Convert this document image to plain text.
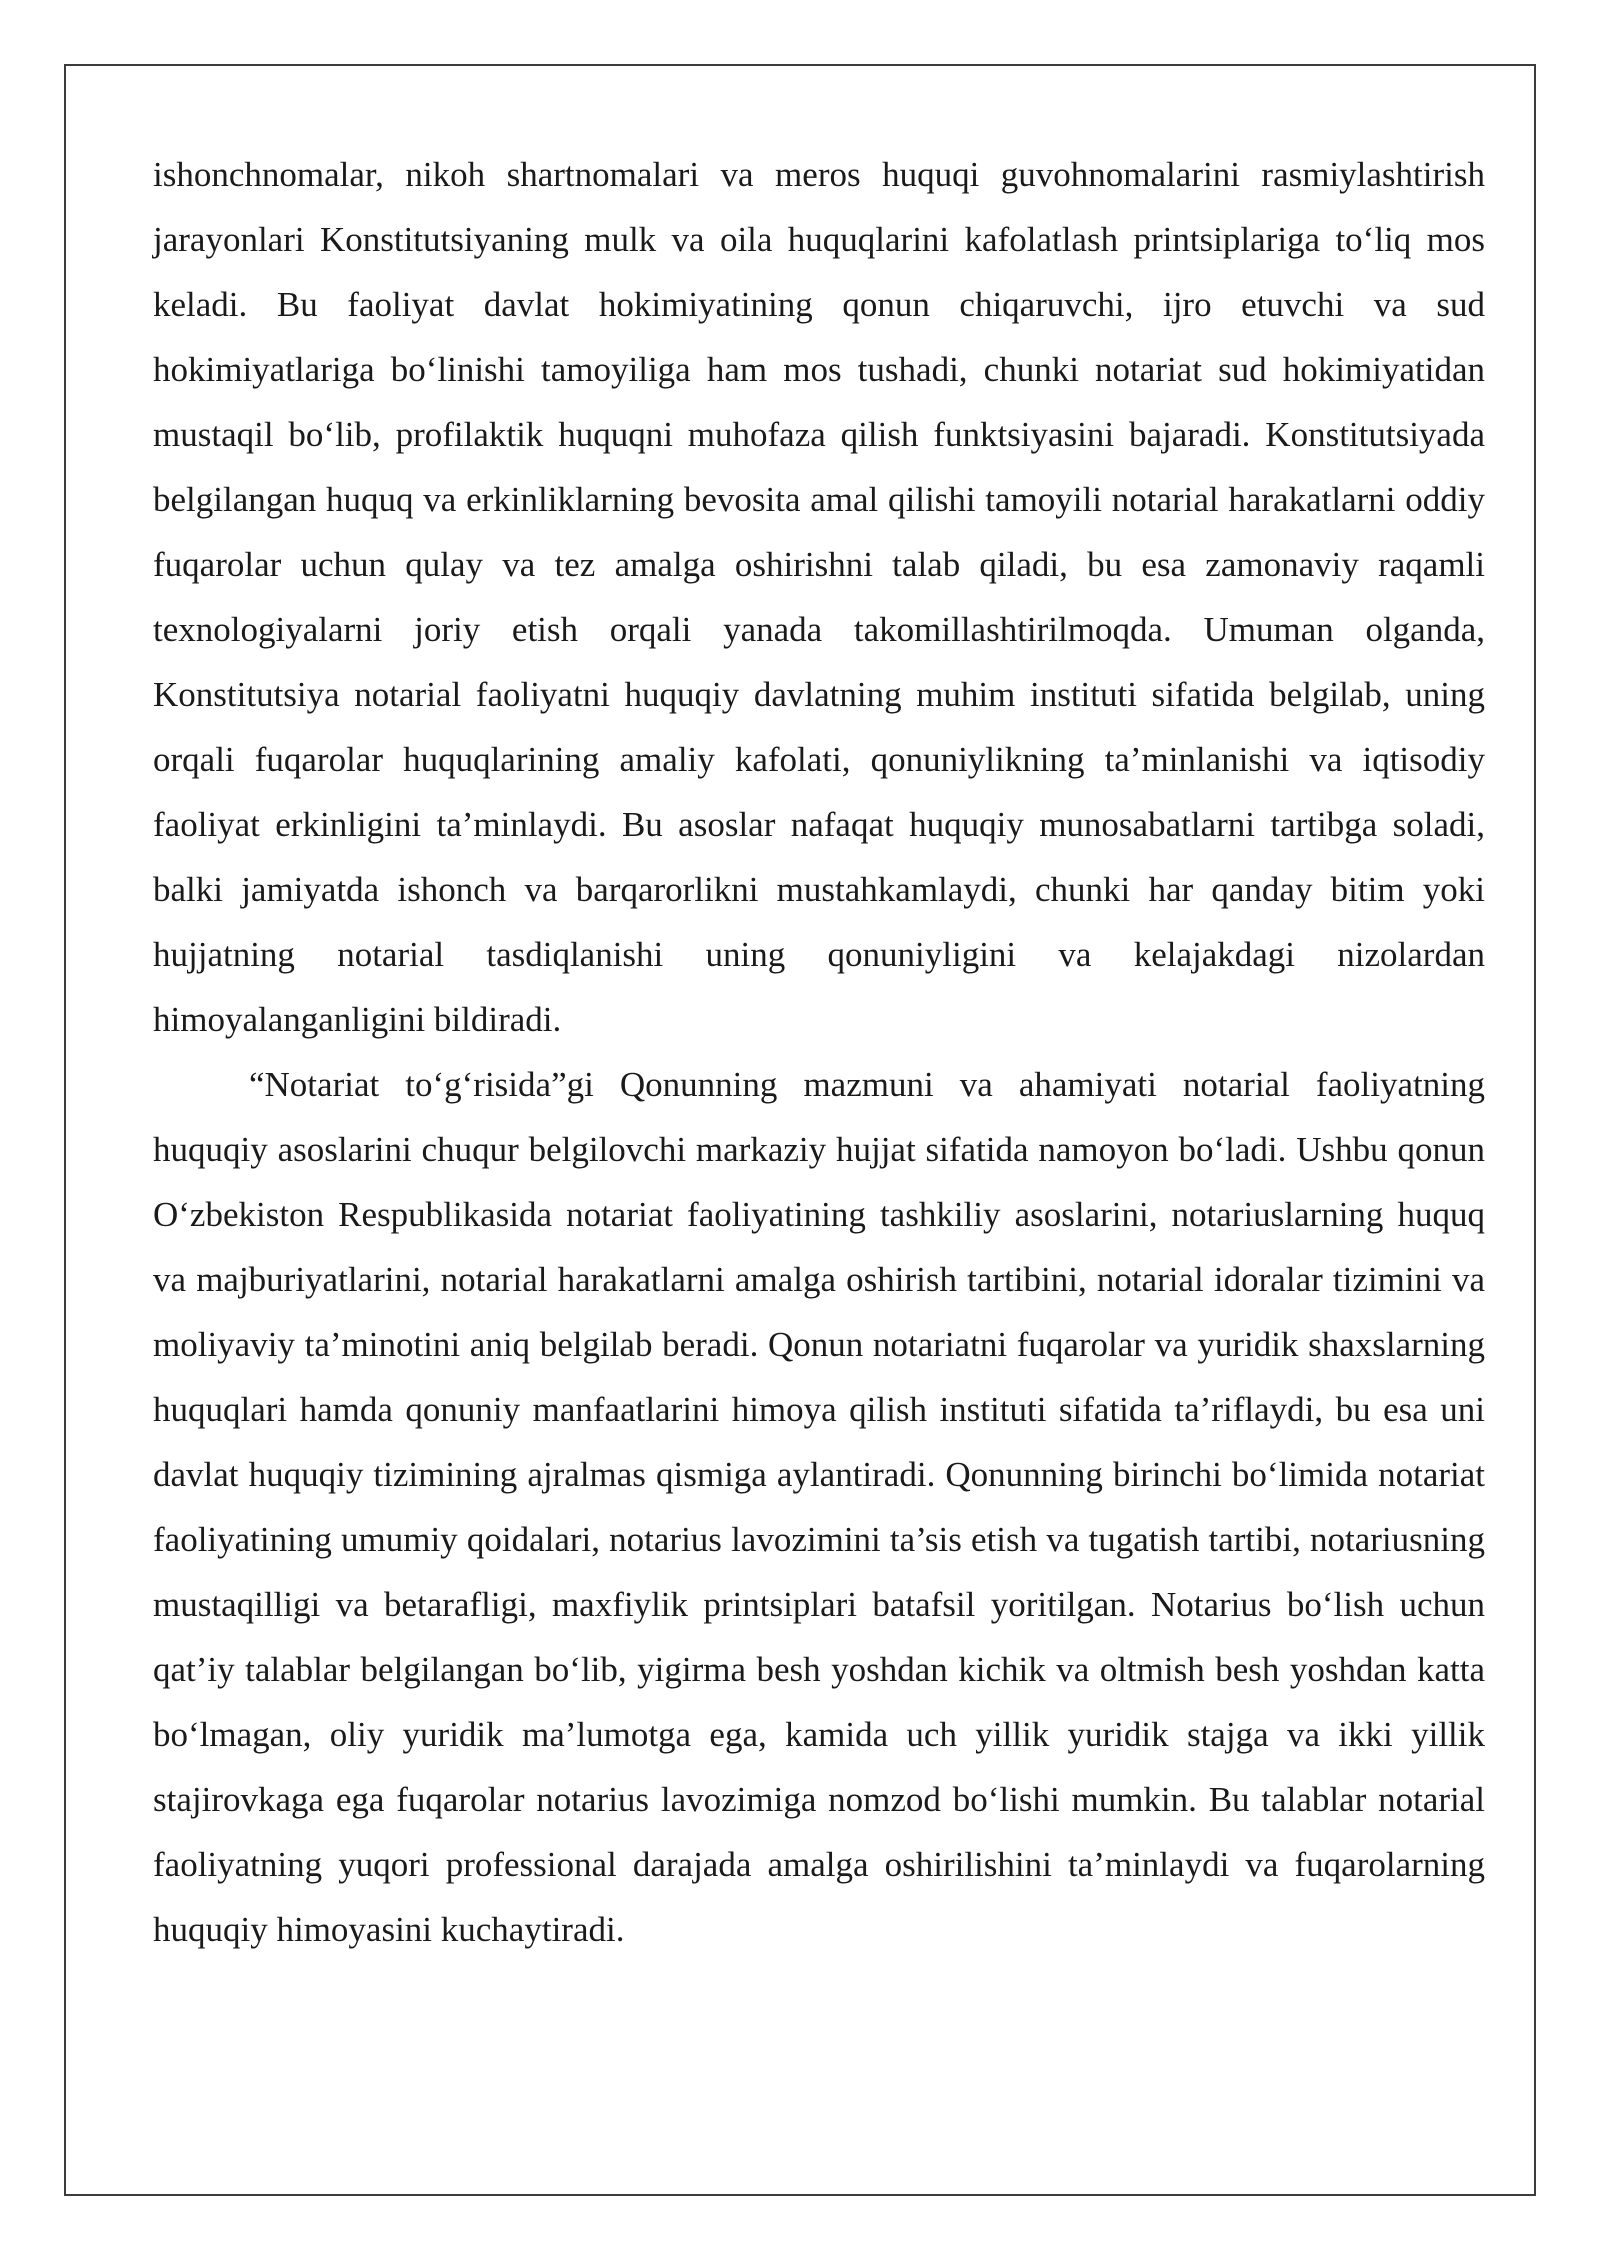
ishonchnomalar, nikoh shartnomalari va meros huquqi guvohnomalarini rasmiylashtirish jarayonlari Konstitutsiyaning mulk va oila huquqlarini kafolatlash printsiplariga to‘liq mos keladi. Bu faoliyat davlat hokimiyatining qonun chiqaruvchi, ijro etuvchi va sud hokimiyatlariga bo‘linishi tamoyiliga ham mos tushadi, chunki notariat sud hokimiyatidan mustaqil bo‘lib, profilaktik huquqni muhofaza qilish funktsiyasini bajaradi. Konstitutsiyada belgilangan huquq va erkinliklarning bevosita amal qilishi tamoyili notarial harakatlarni oddiy fuqarolar uchun qulay va tez amalga oshirishni talab qiladi, bu esa zamonaviy raqamli texnologiyalarni joriy etish orqali yanada takomillashtirilmoqda. Umuman olganda, Konstitutsiya notarial faoliyatni huquqiy davlatning muhim instituti sifatida belgilab, uning orqali fuqarolar huquqlarining amaliy kafolati, qonuniylikning ta’minlanishi va iqtisodiy faoliyat erkinligini ta’minlaydi. Bu asoslar nafaqat huquqiy munosabatlarni tartibga soladi, balki jamiyatda ishonch va barqarorlikni mustahkamlaydi, chunki har qanday bitim yoki hujjatning notarial tasdiqlanishi uning qonuniyligini va kelajakdagi nizolardan himoyalanganligini bildiradi.

“Notariat to‘g‘risida”gi Qonunning mazmuni va ahamiyati notarial faoliyatning huquqiy asoslarini chuqur belgilovchi markaziy hujjat sifatida namoyon bo‘ladi. Ushbu qonun O‘zbekiston Respublikasida notariat faoliyatining tashkiliy asoslarini, notariuslarning huquq va majburiyatlarini, notarial harakatlarni amalga oshirish tartibini, notarial idoralar tizimini va moliyaviy ta’minotini aniq belgilab beradi. Qonun notariatni fuqarolar va yuridik shaxslarning huquqlari hamda qonuniy manfaatlarini himoya qilish instituti sifatida ta’riflaydi, bu esa uni davlat huquqiy tizimining ajralmas qismiga aylantiradi. Qonunning birinchi bo‘limida notariat faoliyatining umumiy qoidalari, notarius lavozimini ta’sis etish va tugatish tartibi, notariusning mustaqilligi va betarafligi, maxfiylik printsiplari batafsil yoritilgan. Notarius bo‘lish uchun qat’iy talablar belgilangan bo‘lib, yigirma besh yoshdan kichik va oltmish besh yoshdan katta bo‘lmagan, oliy yuridik ma’lumotga ega, kamida uch yillik yuridik stajga va ikki yillik stajirovkaga ega fuqarolar notarius lavozimiga nomzod bo‘lishi mumkin. Bu talablar notarial faoliyatning yuqori professional darajada amalga oshirilishini ta’minlaydi va fuqarolarning huquqiy himoyasini kuchaytiradi.
